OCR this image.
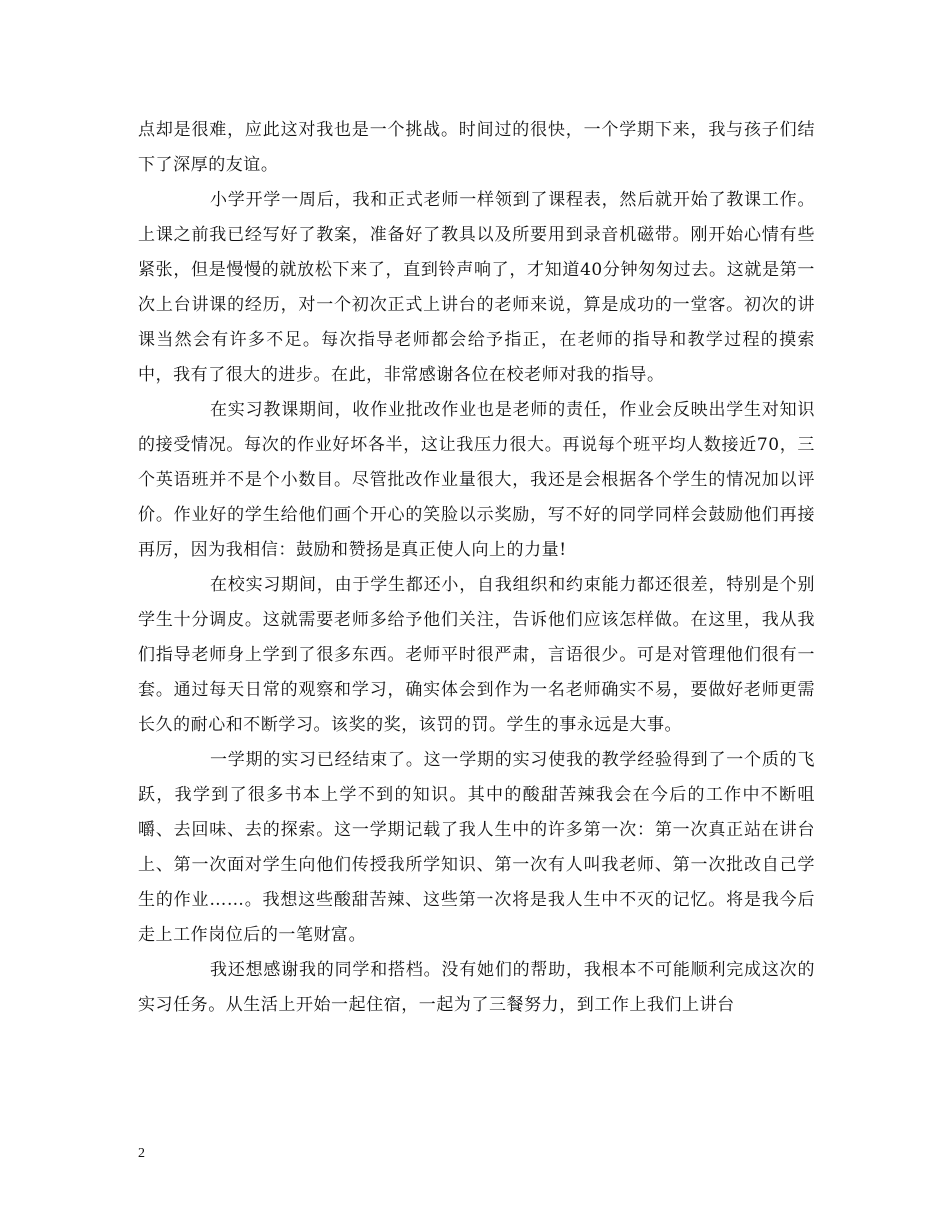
点却是很难，应此这对我也是一个挑战。时间过的很快，一个学期下来，我与孩子们结下了深厚的友谊。

小学开学一周后，我和正式老师一样领到了课程表，然后就开始了教课工作。上课之前我已经写好了教案，准备好了教具以及所要用到录音机磁带。刚开始心情有些紧张，但是慢慢的就放松下来了，直到铃声响了，才知道40分钟匆匆过去。这就是第一次上台讲课的经历，对一个初次正式上讲台的老师来说，算是成功的一堂客。初次的讲课当然会有许多不足。每次指导老师都会给予指正，在老师的指导和教学过程的摸索中，我有了很大的进步。在此，非常感谢各位在校老师对我的指导。

在实习教课期间，收作业批改作业也是老师的责任，作业会反映出学生对知识的接受情况。每次的作业好坏各半，这让我压力很大。再说每个班平均人数接近70，三个英语班并不是个小数目。尽管批改作业量很大，我还是会根据各个学生的情况加以评价。作业好的学生给他们画个开心的笑脸以示奖励，写不好的同学同样会鼓励他们再接再厉，因为我相信：鼓励和赞扬是真正使人向上的力量!

在校实习期间，由于学生都还小，自我组织和约束能力都还很差，特别是个别学生十分调皮。这就需要老师多给予他们关注，告诉他们应该怎样做。在这里，我从我们指导老师身上学到了很多东西。老师平时很严肃，言语很少。可是对管理他们很有一套。通过每天日常的观察和学习，确实体会到作为一名老师确实不易，要做好老师更需长久的耐心和不断学习。该奖的奖，该罚的罚。学生的事永远是大事。

一学期的实习已经结束了。这一学期的实习使我的教学经验得到了一个质的飞跃，我学到了很多书本上学不到的知识。其中的酸甜苦辣我会在今后的工作中不断咀嚼、去回味、去的探索。这一学期记载了我人生中的许多第一次：第一次真正站在讲台上、第一次面对学生向他们传授我所学知识、第一次有人叫我老师、第一次批改自己学生的作业……。我想这些酸甜苦辣、这些第一次将是我人生中不灭的记忆。将是我今后走上工作岗位后的一笔财富。

我还想感谢我的同学和搭档。没有她们的帮助，我根本不可能顺利完成这次的实习任务。从生活上开始一起住宿，一起为了三餐努力，到工作上我们上讲台

2
